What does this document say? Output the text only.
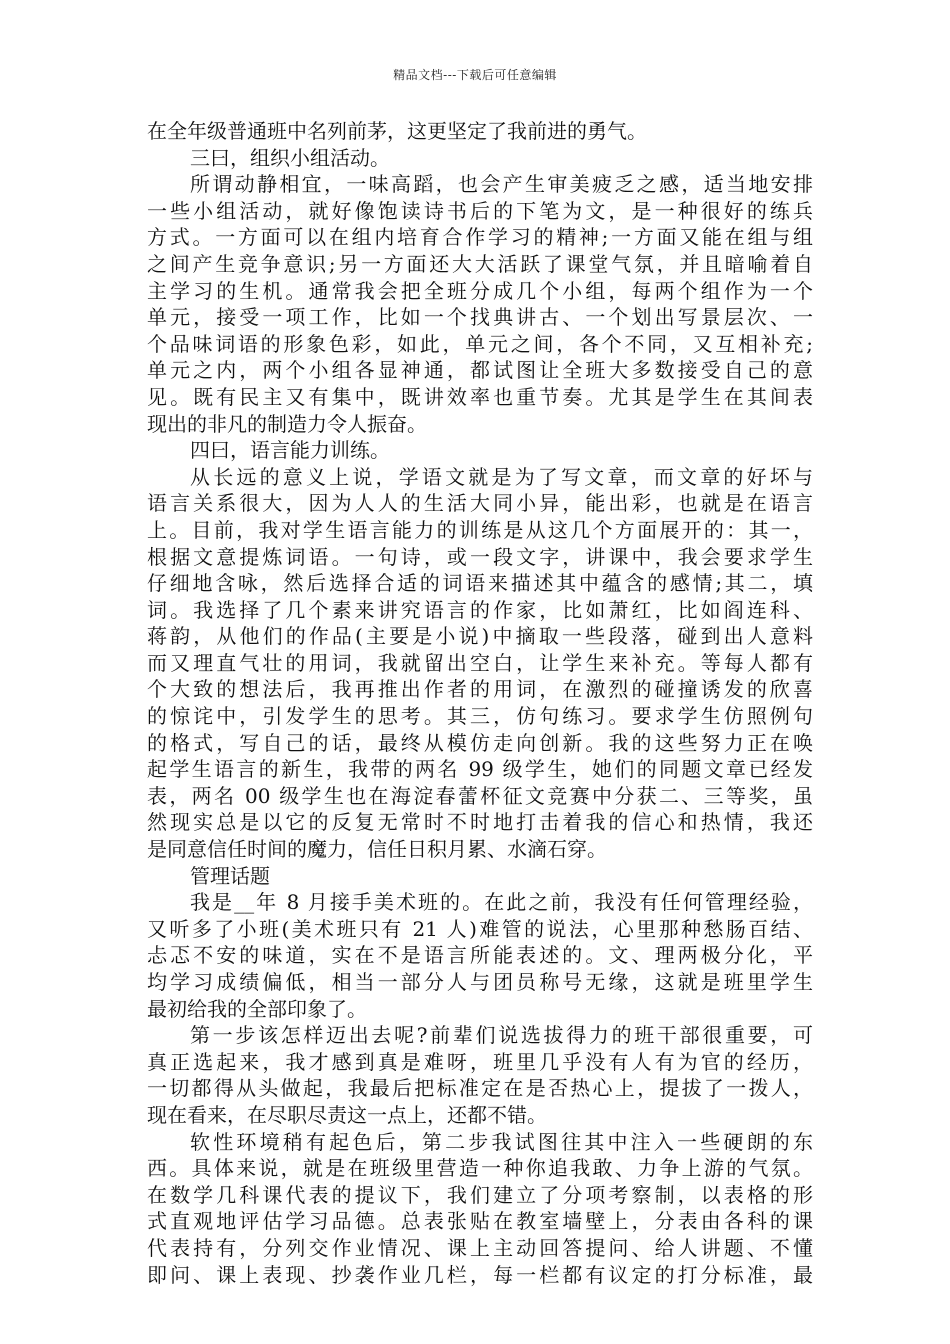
精品文档---下载后可任意编辑
在全年级普通班中名列前茅，这更坚定了我前进的勇气。
三曰，组织小组活动。
所谓动静相宜，一味高蹈，也会产生审美疲乏之感，适当地安排
一些小组活动，就好像饱读诗书后的下笔为文，是一种很好的练兵
方式。一方面可以在组内培育合作学习的精神;一方面又能在组与组
之间产生竞争意识;另一方面还大大活跃了课堂气氛，并且暗喻着自
主学习的生机。通常我会把全班分成几个小组，每两个组作为一个
单元，接受一项工作，比如一个找典讲古、一个划出写景层次、一
个品味词语的形象色彩，如此，单元之间，各个不同，又互相补充;
单元之内，两个小组各显神通，都试图让全班大多数接受自己的意
见。既有民主又有集中，既讲效率也重节奏。尤其是学生在其间表
现出的非凡的制造力令人振奋。
四曰，语言能力训练。
从长远的意义上说，学语文就是为了写文章，而文章的好坏与
语言关系很大，因为人人的生活大同小异，能出彩，也就是在语言
上。目前，我对学生语言能力的训练是从这几个方面展开的：其一，
根据文意提炼词语。一句诗，或一段文字，讲课中，我会要求学生
仔细地含咏，然后选择合适的词语来描述其中蕴含的感情;其二，填
词。我选择了几个素来讲究语言的作家，比如萧红，比如阎连科、
蒋韵，从他们的作品(主要是小说)中摘取一些段落，碰到出人意料
而又理直气壮的用词，我就留出空白，让学生来补充。等每人都有
个大致的想法后，我再推出作者的用词，在激烈的碰撞诱发的欣喜
的惊诧中，引发学生的思考。其三，仿句练习。要求学生仿照例句
的格式，写自己的话，最终从模仿走向创新。我的这些努力正在唤
起学生语言的新生，我带的两名 99 级学生，她们的同题文章已经发
表，两名 00 级学生也在海淀春蕾杯征文竞赛中分获二、三等奖，虽
然现实总是以它的反复无常时不时地打击着我的信心和热情，我还
是同意信任时间的魔力，信任日积月累、水滴石穿。
管理话题
我是__年 8 月接手美术班的。在此之前，我没有任何管理经验，
又听多了小班(美术班只有 21 人)难管的说法，心里那种愁肠百结、
忐忑不安的味道，实在不是语言所能表述的。文、理两极分化，平
均学习成绩偏低，相当一部分人与团员称号无缘，这就是班里学生
最初给我的全部印象了。
第一步该怎样迈出去呢?前辈们说选拔得力的班干部很重要，可
真正选起来，我才感到真是难呀，班里几乎没有人有为官的经历，
一切都得从头做起，我最后把标准定在是否热心上，提拔了一拨人，
现在看来，在尽职尽责这一点上，还都不错。
软性环境稍有起色后，第二步我试图往其中注入一些硬朗的东
西。具体来说，就是在班级里营造一种你追我敢、力争上游的气氛。
在数学几科课代表的提议下，我们建立了分项考察制，以表格的形
式直观地评估学习品德。总表张贴在教室墙壁上，分表由各科的课
代表持有，分列交作业情况、课上主动回答提问、给人讲题、不懂
即问、课上表现、抄袭作业几栏，每一栏都有议定的打分标准，最
